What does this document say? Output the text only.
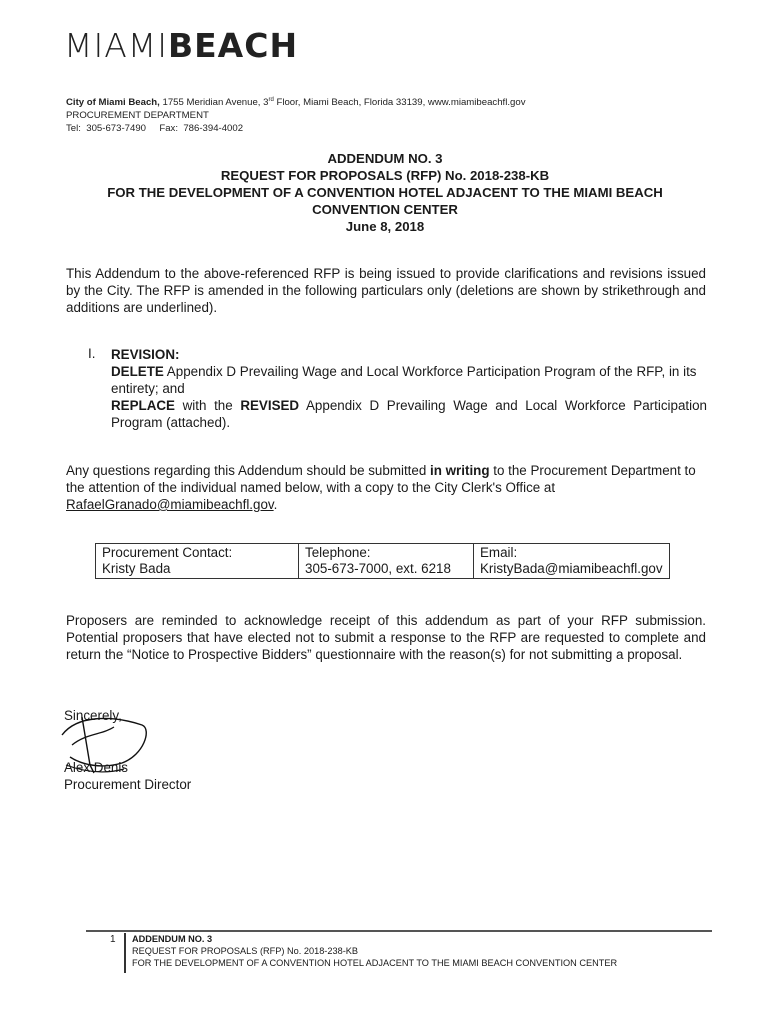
MIAMIBEACH
City of Miami Beach, 1755 Meridian Avenue, 3rd Floor, Miami Beach, Florida 33139, www.miamibeachfl.gov
PROCUREMENT DEPARTMENT
Tel:  305-673-7490     Fax:  786-394-4002
ADDENDUM NO. 3
REQUEST FOR PROPOSALS (RFP) No. 2018-238-KB
FOR THE DEVELOPMENT OF A CONVENTION HOTEL ADJACENT TO THE MIAMI BEACH
CONVENTION CENTER
June 8, 2018
This Addendum to the above-referenced RFP is being issued to provide clarifications and revisions issued by the City. The RFP is amended in the following particulars only (deletions are shown by strikethrough and additions are underlined).
I. REVISION:
DELETE Appendix D Prevailing Wage and Local Workforce Participation Program of the RFP, in its entirety; and
REPLACE with the REVISED Appendix D Prevailing Wage and Local Workforce Participation Program (attached).
Any questions regarding this Addendum should be submitted in writing to the Procurement Department to the attention of the individual named below, with a copy to the City Clerk's Office at RafaelGranado@miamibeachfl.gov.
Procurement Contact:
Kristy Bada

Telephone:
305-673-7000, ext. 6218

Email:
KristyBada@miamibeachfl.gov
Proposers are reminded to acknowledge receipt of this addendum as part of your RFP submission. Potential proposers that have elected not to submit a response to the RFP are requested to complete and return the “Notice to Prospective Bidders” questionnaire with the reason(s) for not submitting a proposal.
Sincerely,
Alex Denis
Procurement Director
1 ADDENDUM NO. 3
REQUEST FOR PROPOSALS (RFP) No. 2018-238-KB
FOR THE DEVELOPMENT OF A CONVENTION HOTEL ADJACENT TO THE MIAMI BEACH CONVENTION CENTER
